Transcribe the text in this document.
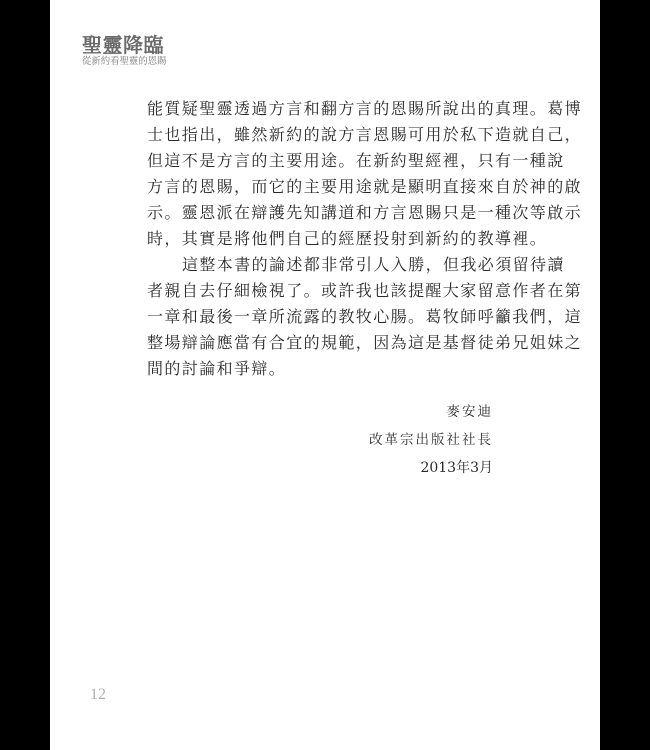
聖靈降臨
從新約看聖靈的恩賜

能質疑聖靈透過方言和翻方言的恩賜所說出的真理。葛博
士也指出，雖然新約的說方言恩賜可用於私下造就自己，
但這不是方言的主要用途。在新約聖經裡，只有一種說
方言的恩賜，而它的主要用途就是顯明直接來自於神的啟
示。靈恩派在辯護先知講道和方言恩賜只是一種次等啟示
時，其實是將他們自己的經歷投射到新約的教導裡。

這整本書的論述都非常引人入勝，但我必須留待讀
者親自去仔細檢視了。或許我也該提醒大家留意作者在第
一章和最後一章所流露的教牧心腸。葛牧師呼籲我們，這
整場辯論應當有合宜的規範，因為這是基督徒弟兄姐妹之
間的討論和爭辯。

麥安迪
改革宗出版社社長
2013年3月
12
